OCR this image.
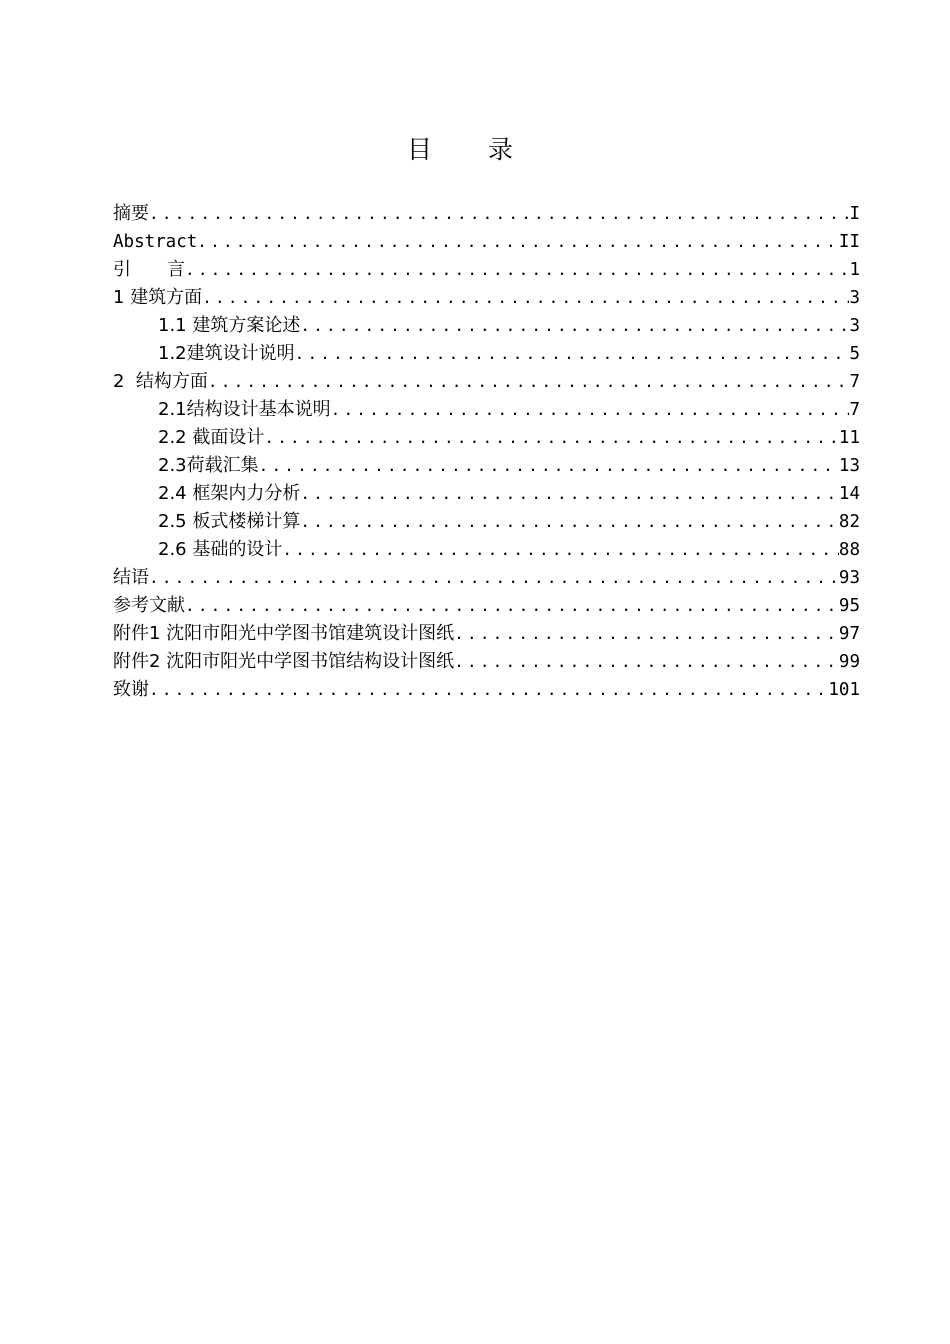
目录
摘要 .....	I
Abstract .....	II
引　　言 .....	1
1 建筑方面 .....	3
1.1 建筑方案论述 .....	3
1.2建筑设计说明 .....	5
2  结构方面 .....	7
2.1结构设计基本说明 .....	7
2.2 截面设计 .....	11
2.3荷载汇集 .....	13
2.4 框架内力分析 .....	14
2.5 板式楼梯计算 .....	82
2.6 基础的设计 .....	88
结语 .....	93
参考文献 .....	95
附件1 沈阳市阳光中学图书馆建筑设计图纸 .....	97
附件2 沈阳市阳光中学图书馆结构设计图纸 .....	99
致谢 .....	101
